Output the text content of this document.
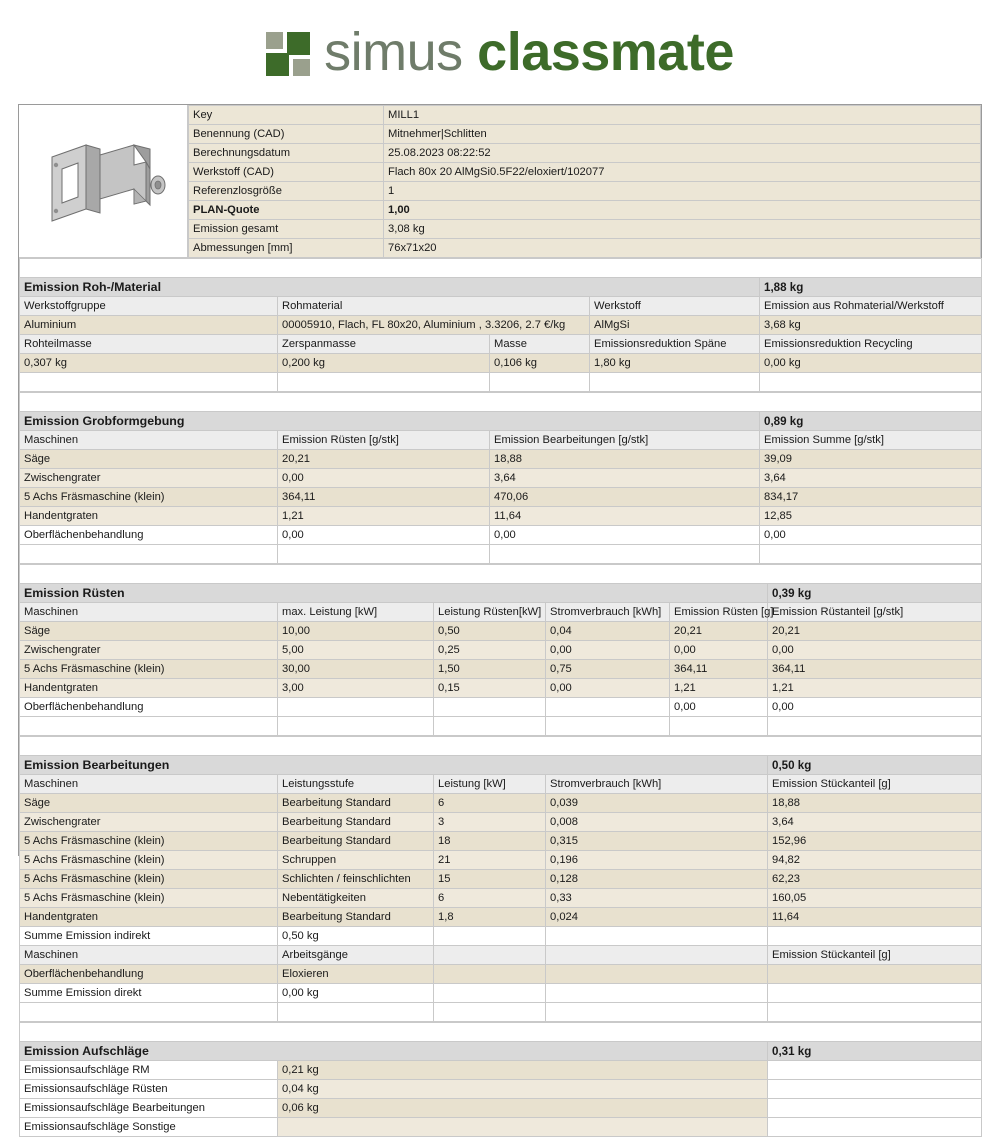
simus classmate
Key	MILL1
Benennung (CAD)	Mitnehmer|Schlitten
Berechnungsdatum	25.08.2023 08:22:52
Werkstoff (CAD)	Flach 80x 20 AlMgSi0.5F22/eloxiert/102077
Referenzlosgröße	1
PLAN-Quote	1,00
Emission gesamt	3,08 kg
Abmessungen [mm]	76x71x20

Emission Roh-/Material				1,88 kg
Werkstoffgruppe	Rohmaterial		Werkstoff	Emission aus Rohmaterial/Werkstoff
Aluminium	00005910, Flach, FL 80x20, Aluminium , 3.3206, 2.7 €/kg		AlMgSi	3,68 kg
Rohteilmasse	Zerspanmasse	Masse	Emissionsreduktion Späne	Emissionsreduktion Recycling
0,307 kg	0,200 kg	0,106 kg	1,80 kg	0,00 kg

Emission Grobformgebung			0,89 kg
Maschinen	Emission Rüsten [g/stk]	Emission Bearbeitungen [g/stk]	Emission Summe [g/stk]
Säge	20,21	18,88	39,09
Zwischengrater	0,00	3,64	3,64
5 Achs Fräsmaschine (klein)	364,11	470,06	834,17
Handentgraten	1,21	11,64	12,85
Oberflächenbehandlung	0,00	0,00	0,00

Emission Rüsten					0,39 kg
Maschinen	max. Leistung [kW]	Leistung Rüsten[kW]	Stromverbrauch [kWh]	Emission Rüsten [g]	Emission Rüstanteil [g/stk]
Säge	10,00	0,50	0,04	20,21	20,21
Zwischengrater	5,00	0,25	0,00	0,00	0,00
5 Achs Fräsmaschine (klein)	30,00	1,50	0,75	364,11	364,11
Handentgraten	3,00	0,15	0,00	1,21	1,21
Oberflächenbehandlung				0,00	0,00

Emission Bearbeitungen				0,50 kg
Maschinen	Leistungsstufe	Leistung [kW]	Stromverbrauch [kWh]	Emission Stückanteil [g]
Säge	Bearbeitung Standard	6	0,039	18,88
Zwischengrater	Bearbeitung Standard	3	0,008	3,64
5 Achs Fräsmaschine (klein)	Bearbeitung Standard	18	0,315	152,96
5 Achs Fräsmaschine (klein)	Schruppen	21	0,196	94,82
5 Achs Fräsmaschine (klein)	Schlichten / feinschlichten	15	0,128	62,23
5 Achs Fräsmaschine (klein)	Nebentätigkeiten	6	0,33	160,05
Handentgraten	Bearbeitung Standard	1,8	0,024	11,64
Summe Emission indirekt	0,50 kg			
Maschinen	Arbeitsgänge			Emission Stückanteil [g]
Oberflächenbehandlung	Eloxieren			
Summe Emission direkt	0,00 kg			

Emission Aufschläge		0,31 kg
Emissionsaufschläge RM	0,21 kg	
Emissionsaufschläge Rüsten	0,04 kg	
Emissionsaufschläge Bearbeitungen	0,06 kg	
Emissionsaufschläge Sonstige		
